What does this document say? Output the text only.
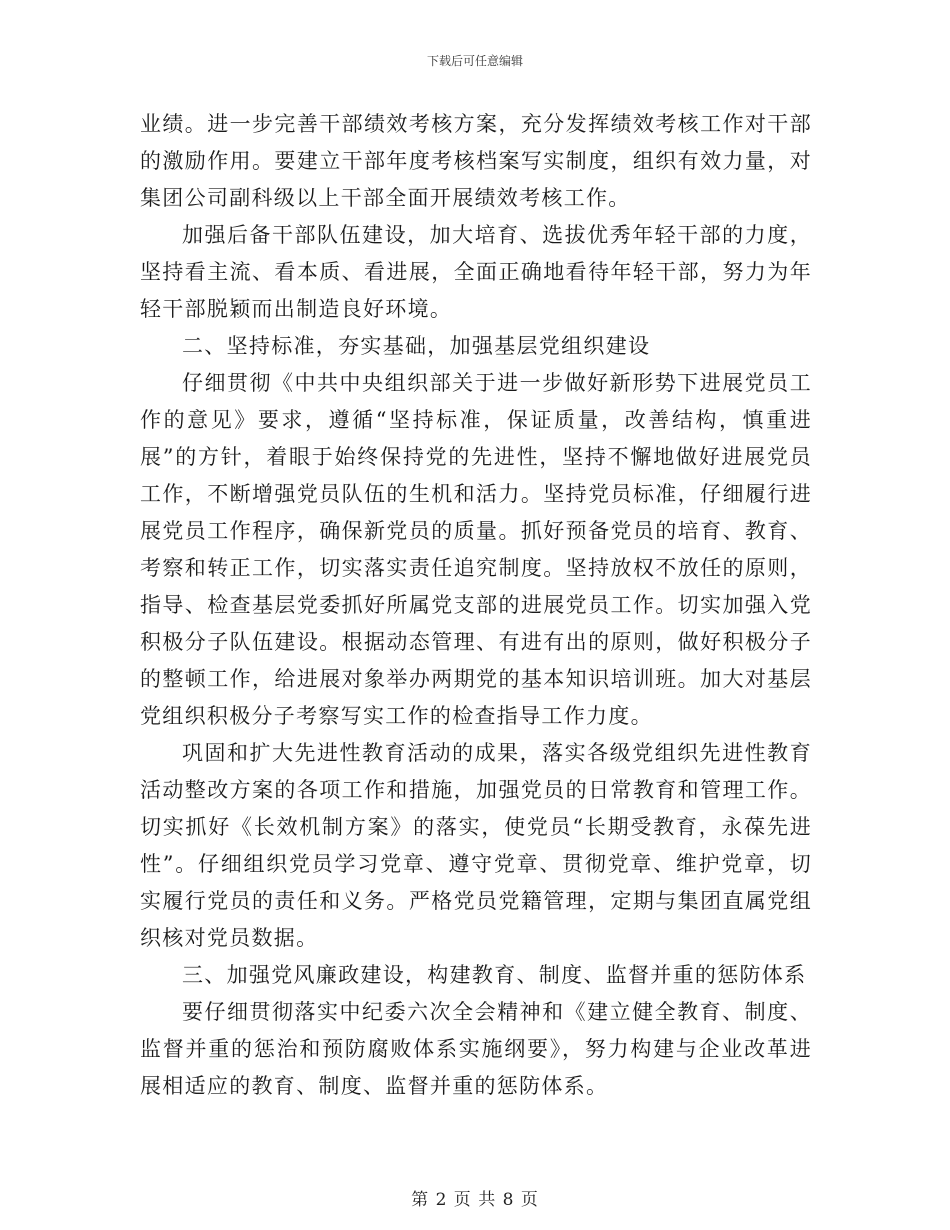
下载后可任意编辑

业绩。进一步完善干部绩效考核方案，充分发挥绩效考核工作对干部的激励作用。要建立干部年度考核档案写实制度，组织有效力量，对集团公司副科级以上干部全面开展绩效考核工作。

加强后备干部队伍建设，加大培育、选拔优秀年轻干部的力度，坚持看主流、看本质、看进展，全面正确地看待年轻干部，努力为年轻干部脱颖而出制造良好环境。

二、坚持标准，夯实基础，加强基层党组织建设

仔细贯彻《中共中央组织部关于进一步做好新形势下进展党员工作的意见》要求，遵循“坚持标准，保证质量，改善结构，慎重进展”的方针，着眼于始终保持党的先进性，坚持不懈地做好进展党员工作，不断增强党员队伍的生机和活力。坚持党员标准，仔细履行进展党员工作程序，确保新党员的质量。抓好预备党员的培育、教育、考察和转正工作，切实落实责任追究制度。坚持放权不放任的原则，指导、检查基层党委抓好所属党支部的进展党员工作。切实加强入党积极分子队伍建设。根据动态管理、有进有出的原则，做好积极分子的整顿工作，给进展对象举办两期党的基本知识培训班。加大对基层党组织积极分子考察写实工作的检查指导工作力度。

巩固和扩大先进性教育活动的成果，落实各级党组织先进性教育活动整改方案的各项工作和措施，加强党员的日常教育和管理工作。切实抓好《长效机制方案》的落实，使党员“长期受教育，永葆先进性”。仔细组织党员学习党章、遵守党章、贯彻党章、维护党章，切实履行党员的责任和义务。严格党员党籍管理，定期与集团直属党组织核对党员数据。

三、加强党风廉政建设，构建教育、制度、监督并重的惩防体系

要仔细贯彻落实中纪委六次全会精神和《建立健全教育、制度、监督并重的惩治和预防腐败体系实施纲要》，努力构建与企业改革进展相适应的教育、制度、监督并重的惩防体系。

第 2 页 共 8 页
